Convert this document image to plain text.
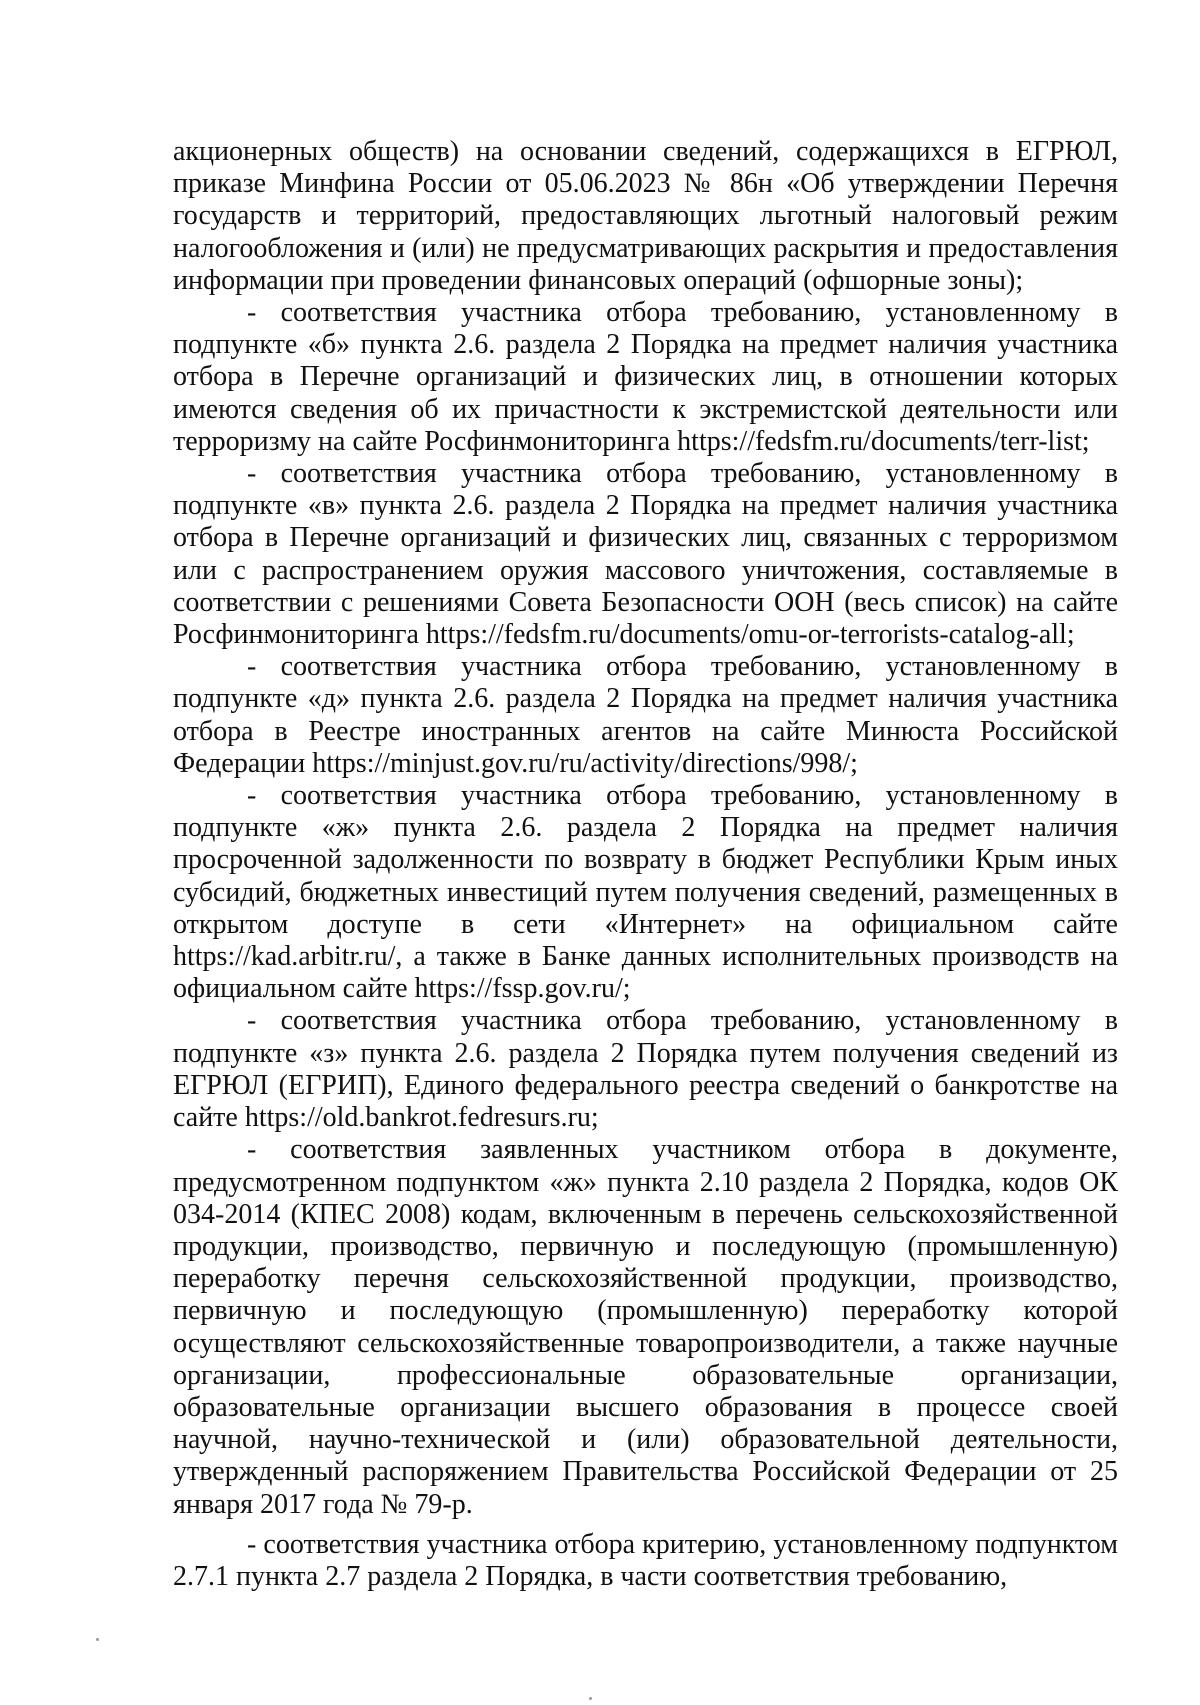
акционерных обществ) на основании сведений, содержащихся в ЕГРЮЛ, приказе Минфина России от 05.06.2023 № 86н «Об утверждении Перечня государств и территорий, предоставляющих льготный налоговый режим налогообложения и (или) не предусматривающих раскрытия и предоставления информации при проведении финансовых операций (офшорные зоны);

- соответствия участника отбора требованию, установленному в подпункте «б» пункта 2.6. раздела 2 Порядка на предмет наличия участника отбора в Перечне организаций и физических лиц, в отношении которых имеются сведения об их причастности к экстремистской деятельности или терроризму на сайте Росфинмониторинга https://fedsfm.ru/documents/terr-list;

- соответствия участника отбора требованию, установленному в подпункте «в» пункта 2.6. раздела 2 Порядка на предмет наличия участника отбора в Перечне организаций и физических лиц, связанных с терроризмом или с распространением оружия массового уничтожения, составляемые в соответствии с решениями Совета Безопасности ООН (весь список) на сайте Росфинмониторинга https://fedsfm.ru/documents/omu-or-terrorists-catalog-all;

- соответствия участника отбора требованию, установленному в подпункте «д» пункта 2.6. раздела 2 Порядка на предмет наличия участника отбора в Реестре иностранных агентов на сайте Минюста Российской Федерации https://minjust.gov.ru/ru/activity/directions/998/;

- соответствия участника отбора требованию, установленному в подпункте «ж» пункта 2.6. раздела 2 Порядка на предмет наличия просроченной задолженности по возврату в бюджет Республики Крым иных субсидий, бюджетных инвестиций путем получения сведений, размещенных в открытом доступе в сети «Интернет» на официальном сайте https://kad.arbitr.ru/, а также в Банке данных исполнительных производств на официальном сайте https://fssp.gov.ru/;

- соответствия участника отбора требованию, установленному в подпункте «з» пункта 2.6. раздела 2 Порядка путем получения сведений из ЕГРЮЛ (ЕГРИП), Единого федерального реестра сведений о банкротстве на сайте https://old.bankrot.fedresurs.ru;

- соответствия заявленных участником отбора в документе, предусмотренном подпунктом «ж» пункта 2.10 раздела 2 Порядка, кодов ОК 034-2014 (КПЕС 2008) кодам, включенным в перечень сельскохозяйственной продукции, производство, первичную и последующую (промышленную) переработку перечня сельскохозяйственной продукции, производство, первичную и последующую (промышленную) переработку которой осуществляют сельскохозяйственные товаропроизводители, а также научные организации, профессиональные образовательные организации, образовательные организации высшего образования в процессе своей научной, научно-технической и (или) образовательной деятельности, утвержденный распоряжением Правительства Российской Федерации от 25 января 2017 года № 79-р.

- соответствия участника отбора критерию, установленному подпунктом 2.7.1 пункта 2.7 раздела 2 Порядка, в части соответствия требованию,
